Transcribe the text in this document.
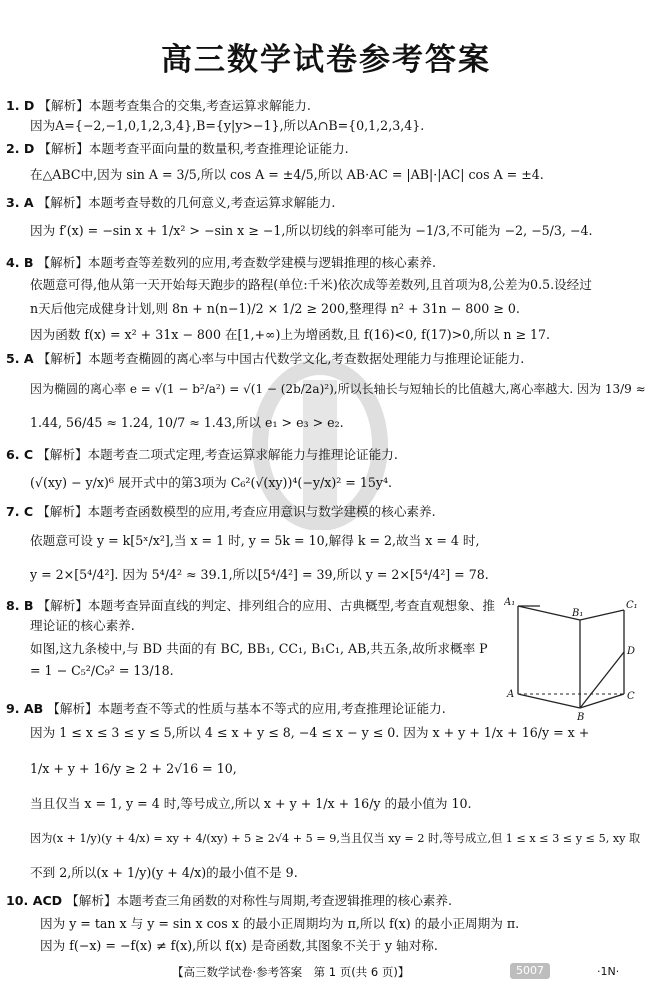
高三数学试卷参考答案
1. D 【解析】本题考查集合的交集,考查运算求解能力.
因为A={−2,−1,0,1,2,3,4},B={y|y>−1},所以A∩B={0,1,2,3,4}.
2. D 【解析】本题考查平面向量的数量积,考查推理论证能力.
在△ABC中,因为 sin A = 3/5,所以 cos A = ±4/5,所以 AB·AC = |AB|·|AC| cos A = ±4.
3. A 【解析】本题考查导数的几何意义,考查运算求解能力.
因为 f′(x) = −sin x + 1/x² > −sin x ≥ −1,所以切线的斜率可能为 −1/3,不可能为 −2, −5/3, −4.
4. B 【解析】本题考查等差数列的应用,考查数学建模与逻辑推理的核心素养.
依题意可得,他从第一天开始每天跑步的路程(单位:千米)依次成等差数列,且首项为8,公差为0.5.设经过
n天后他完成健身计划,则 8n + n(n−1)/2 × 1/2 ≥ 200,整理得 n² + 31n − 800 ≥ 0.
因为函数 f(x) = x² + 31x − 800 在[1,+∞)上为增函数,且 f(16)<0, f(17)>0,所以 n ≥ 17.
5. A 【解析】本题考查椭圆的离心率与中国古代数学文化,考查数据处理能力与推理论证能力.
因为椭圆的离心率 e = √(1 − b²/a²) = √(1 − (2b/2a)²),所以长轴长与短轴长的比值越大,离心率越大. 因为 13/9 ≈
1.44, 56/45 ≈ 1.24, 10/7 ≈ 1.43,所以 e₁ > e₃ > e₂.
6. C 【解析】本题考查二项式定理,考查运算求解能力与推理论证能力.
(√(xy) − y/x)⁶ 展开式中的第3项为 C₆²(√(xy))⁴(−y/x)² = 15y⁴.
7. C 【解析】本题考查函数模型的应用,考查应用意识与数学建模的核心素养.
依题意可设 y = k[5ˣ/x²],当 x = 1 时, y = 5k = 10,解得 k = 2,故当 x = 4 时,
y = 2×[5⁴/4²]. 因为 5⁴/4² ≈ 39.1,所以[5⁴/4²] = 39,所以 y = 2×[5⁴/4²] = 78.
8. B 【解析】本题考查异面直线的判定、排列组合的应用、古典概型,考查直观想象、推
理论证的核心素养.
如图,这九条棱中,与 BD 共面的有 BC, BB₁, CC₁, B₁C₁, AB,共五条,故所求概率 P
= 1 − C₅²/C₉² = 13/18.
A₁
B₁
C₁
D
A
B
C
9. AB 【解析】本题考查不等式的性质与基本不等式的应用,考查推理论证能力.
因为 1 ≤ x ≤ 3 ≤ y ≤ 5,所以 4 ≤ x + y ≤ 8, −4 ≤ x − y ≤ 0. 因为 x + y + 1/x + 16/y = x +
1/x + y + 16/y ≥ 2 + 2√16 = 10,
当且仅当 x = 1, y = 4 时,等号成立,所以 x + y + 1/x + 16/y 的最小值为 10.
因为(x + 1/y)(y + 4/x) = xy + 4/(xy) + 5 ≥ 2√4 + 5 = 9,当且仅当 xy = 2 时,等号成立,但 1 ≤ x ≤ 3 ≤ y ≤ 5, xy 取
不到 2,所以(x + 1/y)(y + 4/x)的最小值不是 9.
10. ACD 【解析】本题考查三角函数的对称性与周期,考查逻辑推理的核心素养.
因为 y = tan x 与 y = sin x cos x 的最小正周期均为 π,所以 f(x) 的最小正周期为 π.
因为 f(−x) = −f(x) ≠ f(x),所以 f(x) 是奇函数,其图象不关于 y 轴对称.
【高三数学试卷·参考答案　第 1 页(共 6 页)】	5007	·1N·
